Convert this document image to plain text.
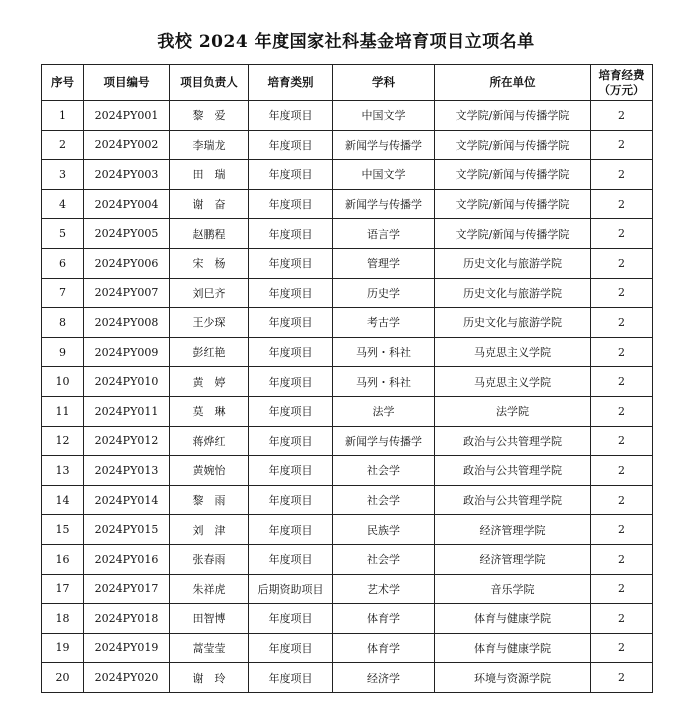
我校 2024 年度国家社科基金培育项目立项名单
序号	项目编号	项目负责人	培育类别	学科	所在单位	培育经费
（万元）

1	2024PY001	黎　爱	年度项目	中国文学	文学院/新闻与传播学院	2
2	2024PY002	李瑞龙	年度项目	新闻学与传播学	文学院/新闻与传播学院	2
3	2024PY003	田　瑞	年度项目	中国文学	文学院/新闻与传播学院	2
4	2024PY004	谢　奋	年度项目	新闻学与传播学	文学院/新闻与传播学院	2
5	2024PY005	赵鹏程	年度项目	语言学	文学院/新闻与传播学院	2
6	2024PY006	宋　杨	年度项目	管理学	历史文化与旅游学院	2
7	2024PY007	刘巳齐	年度项目	历史学	历史文化与旅游学院	2
8	2024PY008	王少琛	年度项目	考古学	历史文化与旅游学院	2
9	2024PY009	彭红艳	年度项目	马列・科社	马克思主义学院	2
10	2024PY010	黄　婷	年度项目	马列・科社	马克思主义学院	2
11	2024PY011	莫　琳	年度项目	法学	法学院	2
12	2024PY012	蒋烨红	年度项目	新闻学与传播学	政治与公共管理学院	2
13	2024PY013	黄婉怡	年度项目	社会学	政治与公共管理学院	2
14	2024PY014	黎　雨	年度项目	社会学	政治与公共管理学院	2
15	2024PY015	刘　津	年度项目	民族学	经济管理学院	2
16	2024PY016	张春雨	年度项目	社会学	经济管理学院	2
17	2024PY017	朱祥虎	后期资助项目	艺术学	音乐学院	2
18	2024PY018	田智博	年度项目	体育学	体育与健康学院	2
19	2024PY019	蒿莹莹	年度项目	体育学	体育与健康学院	2
20	2024PY020	谢　玲	年度项目	经济学	环境与资源学院	2
